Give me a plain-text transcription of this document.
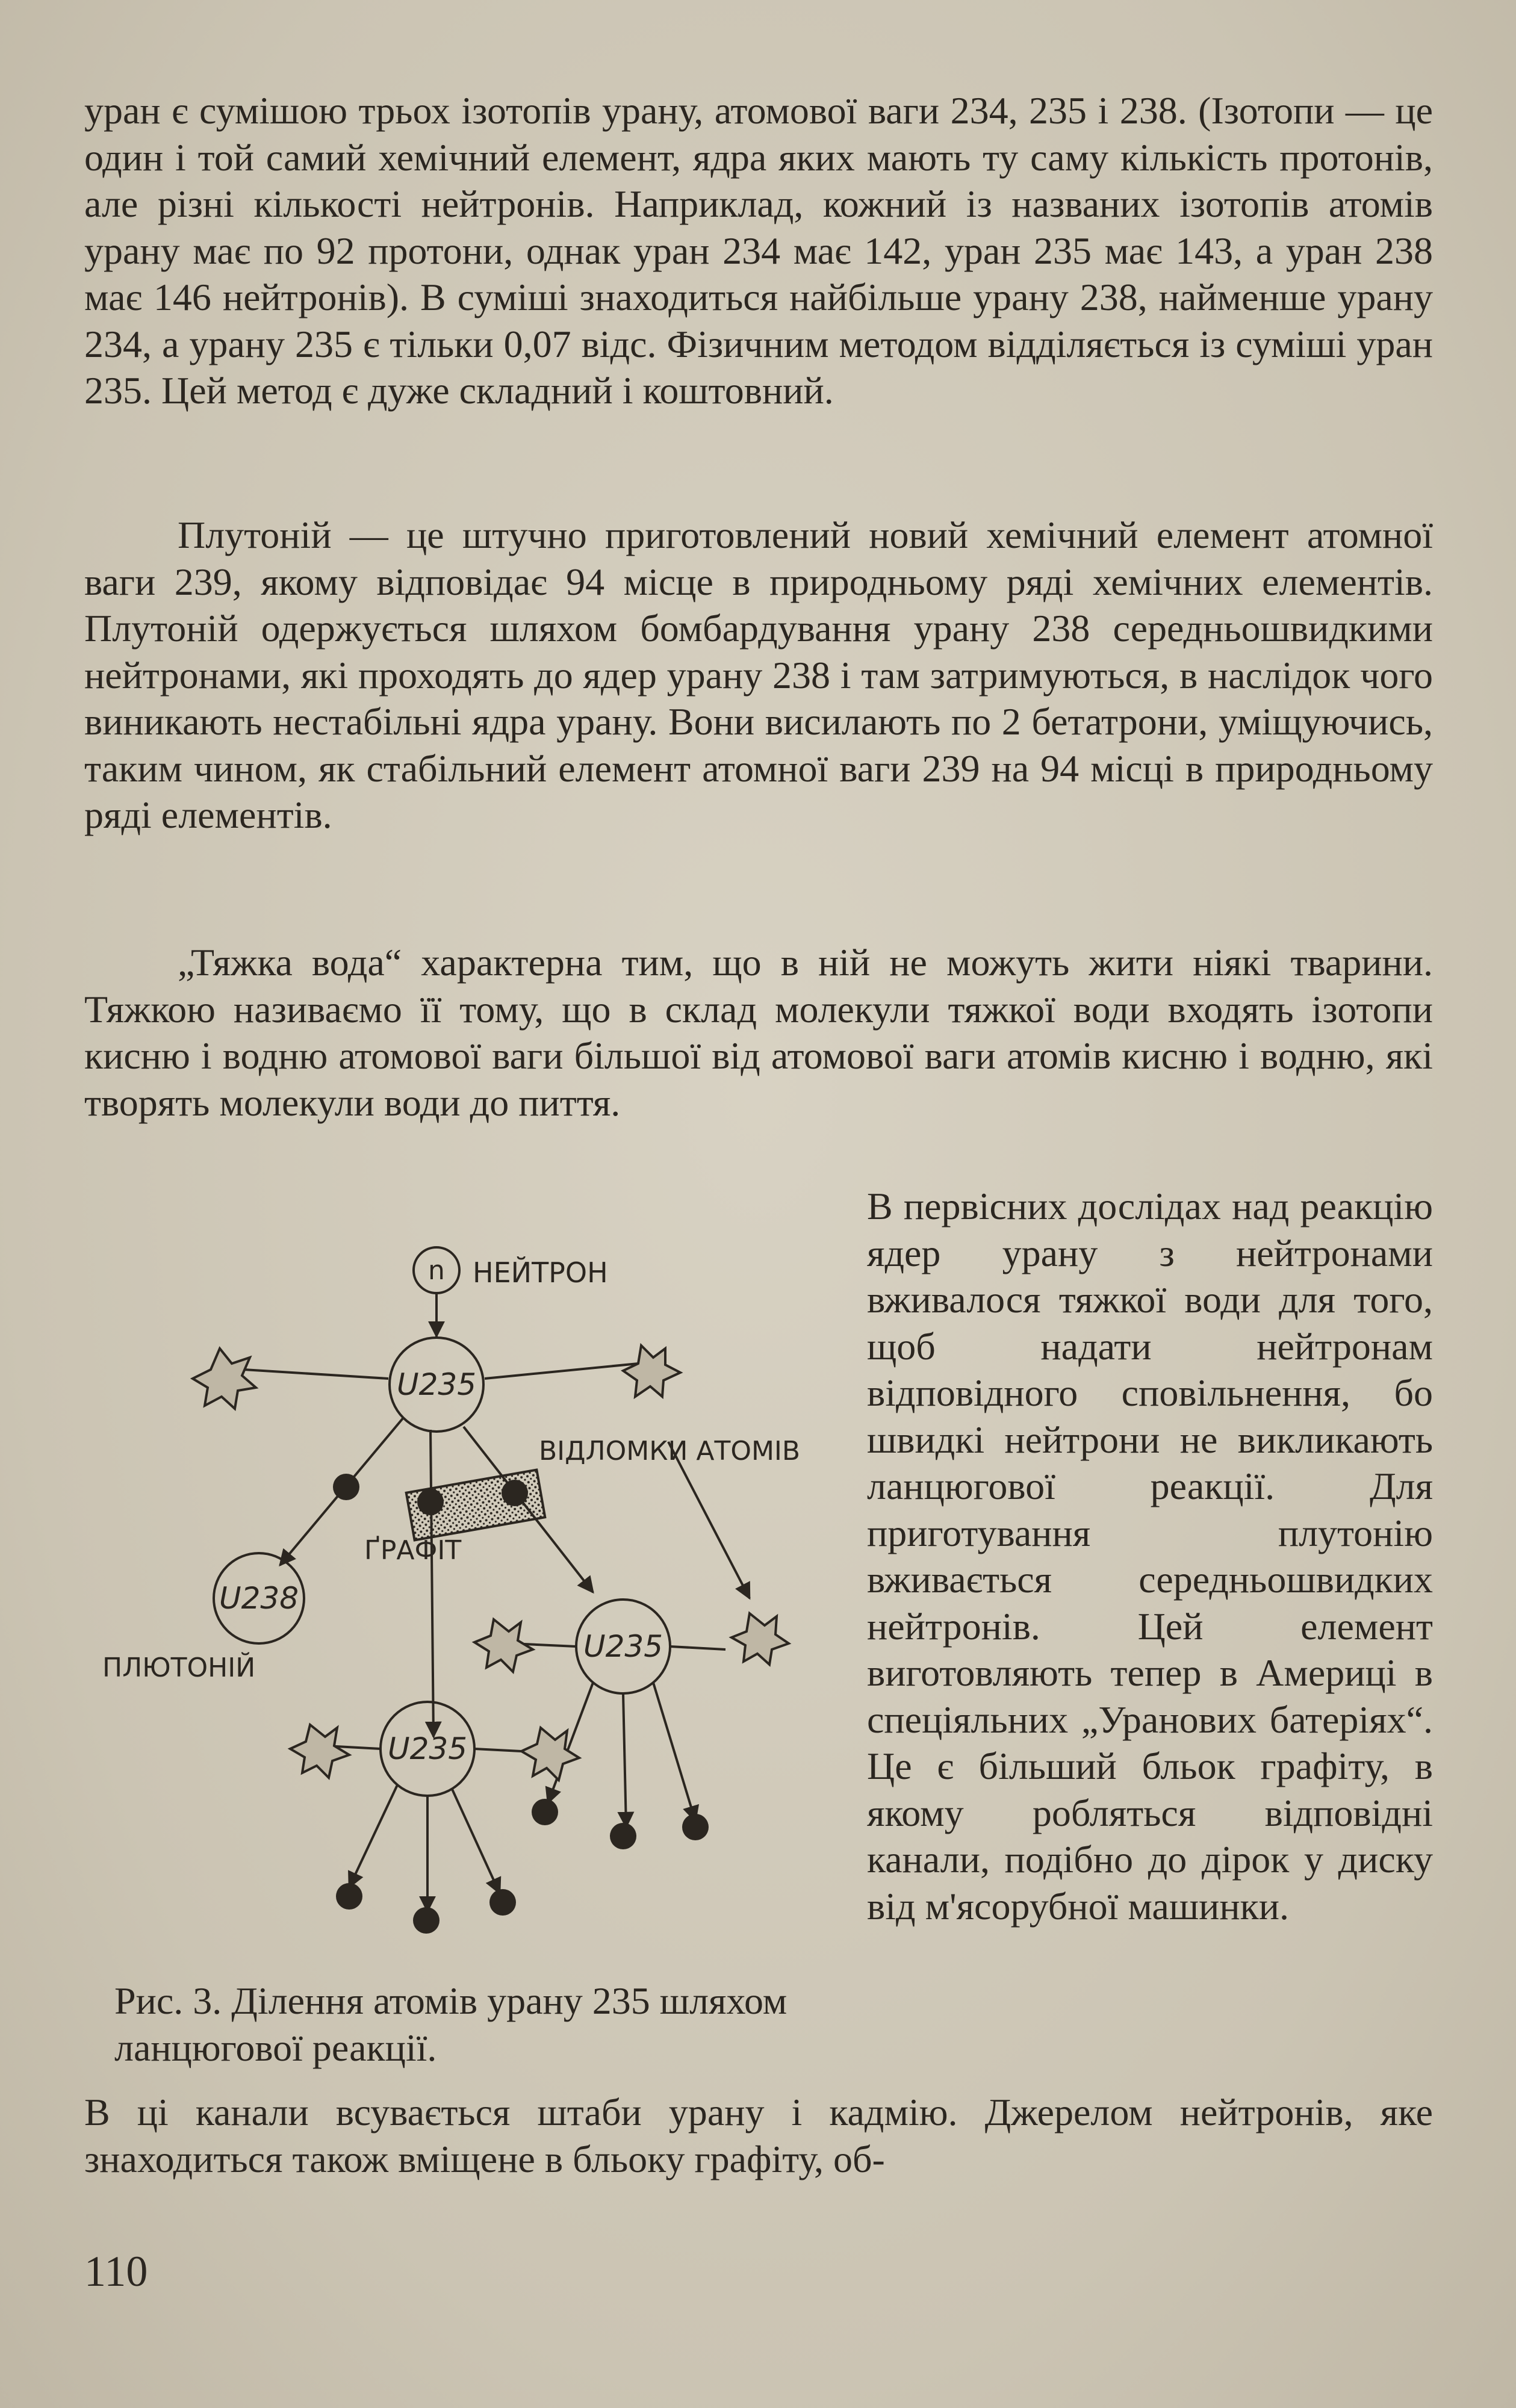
уран є сумішою трьох ізотопів урану, атомової ваги 234, 235 і 238. (Ізотопи — це один і той самий хемічний елемент, ядра яких мають ту саму кількість протонів, але різні кількості нейтронів. Наприклад, кожний із названих ізотопів атомів урану має по 92 протони, однак уран 234 має 142, уран 235 має 143, а уран 238 має 146 нейтронів). В суміші знаходиться найбільше урану 238, найменше урану 234, а урану 235 є тільки 0,07 відс. Фізичним методом відділяється із суміші уран 235. Цей метод є дуже складний і коштовний.

Плутоній — це штучно приготовлений новий хемічний елемент атомної ваги 239, якому відповідає 94 місце в природньому ряді хемічних елементів. Плутоній одержується шляхом бомбардування урану 238 середньошвидкими нейтронами, які проходять до ядер урану 238 і там затримуються, в наслідок чого виникають нестабільні ядра урану. Вони висилають по 2 бетатрони, уміщуючись, таким чином, як стабільний елемент атомної ваги 239 на 94 місці в природньому ряді елементів.

„Тяжка вода“ характерна тим, що в ній не можуть жити ніякі тварини. Тяжкою називаємо її тому, що в склад молекули тяжкої води входять ізотопи кисню і водню атомової ваги більшої від атомової ваги атомів кисню і водню, які творять молекули води до пиття.

n НЕЙТРОН
U235
ВІДЛОМКИ АТОМІВ
ҐРАФІТ
U238
ПЛЮТОНІЙ
U235
U235

В первісних дослідах над реакцію ядер урану з нейтронами вживалося тяжкої води для того, щоб надати нейтронам відповідного сповільнення, бо швидкі нейтрони не викликають ланцюгової реакції. Для приготування плутонію вживається середньошвидких нейтронів. Цей елемент виготовляють тепер в Америці в спеціяльних „Уранових батеріях“. Це є більший бльок графіту, в якому робляться відповідні канали, подібно до дірок у диску від м'ясорубної машинки.

Рис. 3. Ділення атомів урану 235 шляхом ланцюгової реакції.

В ці канали всувається штаби урану і кадмію. Джерелом нейтронів, яке знаходиться також вміщене в бльоку графіту, об-

110
